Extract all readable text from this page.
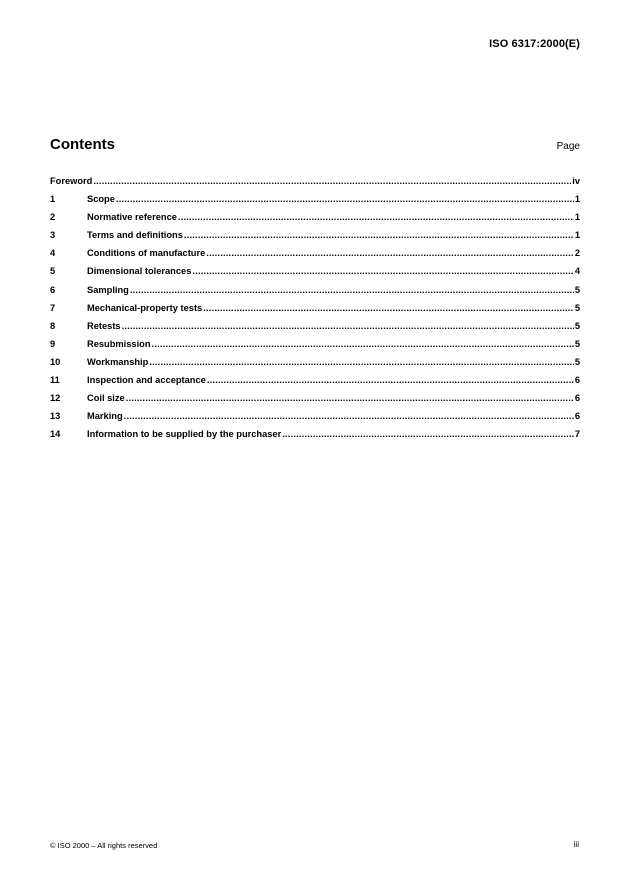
ISO 6317:2000(E)
Contents	Page
Foreword .....	iv
1	Scope .....	1
2	Normative reference .....	1
3	Terms and definitions .....	1
4	Conditions of manufacture .....	2
5	Dimensional tolerances .....	4
6	Sampling .....	5
7	Mechanical-property tests .....	5
8	Retests .....	5
9	Resubmission .....	5
10	Workmanship .....	5
11	Inspection and acceptance .....	6
12	Coil size .....	6
13	Marking .....	6
14	Information to be supplied by the purchaser .....	7
© ISO 2000 – All rights reserved	iii
